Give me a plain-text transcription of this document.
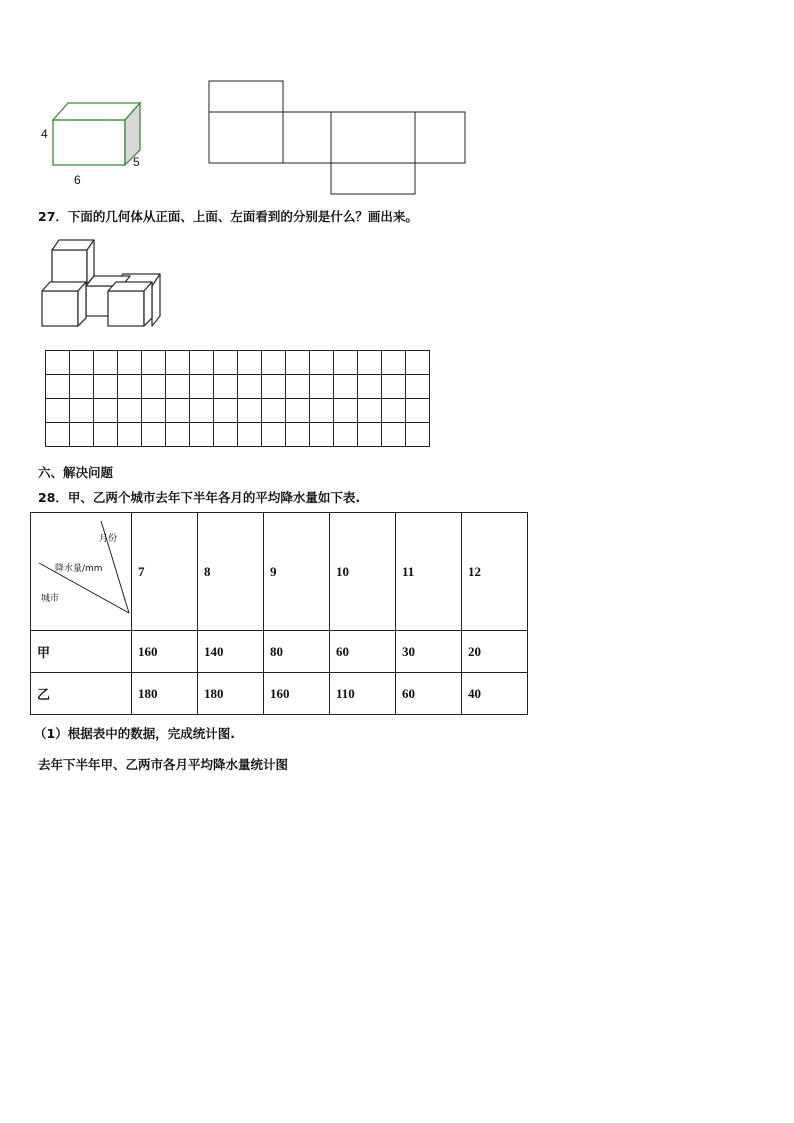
4
5
6
27．下面的几何体从正面、上面、左面看到的分别是什么？画出来。
六、解决问题
28．甲、乙两个城市去年下半年各月的平均降水量如下表.
月份
降水量/mm
城市	7	8	9	10	11	12
甲	160	140	80	60	30	20
乙	180	180	160	110	60	40
（1）根据表中的数据，完成统计图.
去年下半年甲、乙两市各月平均降水量统计图
